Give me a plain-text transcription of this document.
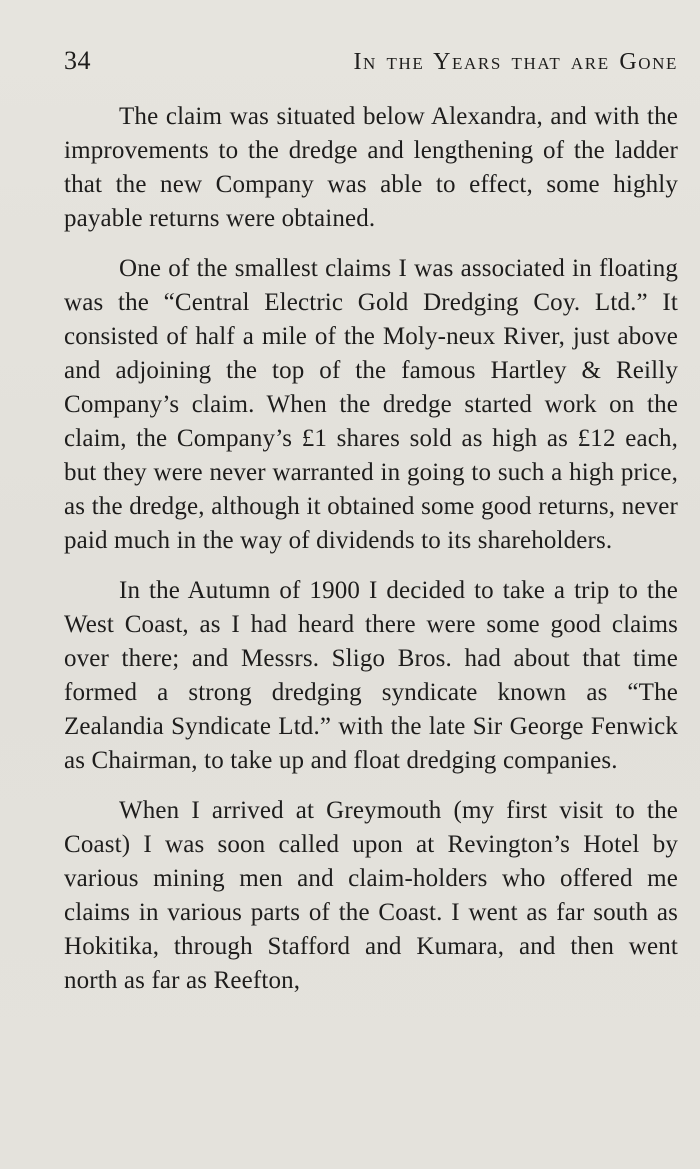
34	In the Years that are Gone

The claim was situated below Alexandra, and with the improvements to the dredge and lengthening of the ladder that the new Company was able to effect, some highly payable returns were obtained.

One of the smallest claims I was associated in floating was the “Central Electric Gold Dredging Coy. Ltd.” It consisted of half a mile of the Moly-neux River, just above and adjoining the top of the famous Hartley & Reilly Company’s claim. When the dredge started work on the claim, the Company’s £1 shares sold as high as £12 each, but they were never warranted in going to such a high price, as the dredge, although it obtained some good returns, never paid much in the way of dividends to its shareholders.

In the Autumn of 1900 I decided to take a trip to the West Coast, as I had heard there were some good claims over there; and Messrs. Sligo Bros. had about that time formed a strong dredging syndicate known as “The Zealandia Syndicate Ltd.” with the late Sir George Fenwick as Chairman, to take up and float dredging companies.

When I arrived at Greymouth (my first visit to the Coast) I was soon called upon at Revington’s Hotel by various mining men and claim-holders who offered me claims in various parts of the Coast. I went as far south as Hokitika, through Stafford and Kumara, and then went north as far as Reefton,
